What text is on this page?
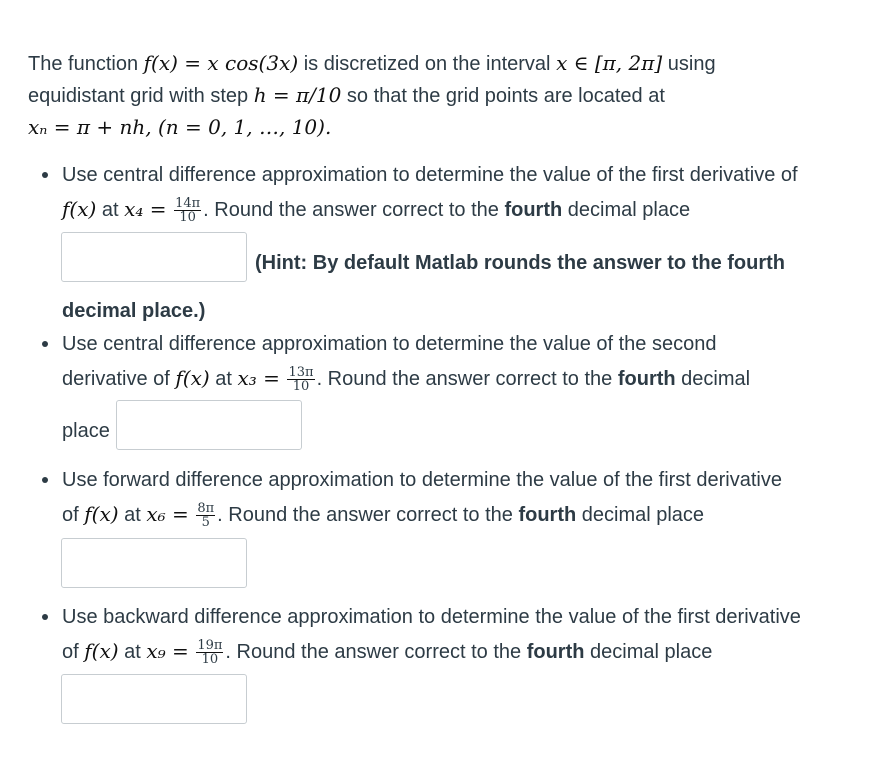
The function f(x) = x cos(3x) is discretized on the interval x ∈ [π, 2π] using
equidistant grid with step h = π/10 so that the grid points are located at
xₙ = π + nh, (n = 0, 1, …, 10).
Use central difference approximation to determine the value of the first derivative of
f(x) at $x_4 = \frac{14\pi}{10}$ . Round the answer correct to the fourth decimal place
(Hint: By default Matlab rounds the answer to the fourth
decimal place.)
Use central difference approximation to determine the value of the second
derivative of f(x) at $x_3 = \frac{13\pi}{10}$ . Round the answer correct to the fourth decimal
place
Use forward difference approximation to determine the value of the first derivative
of f(x) at $x_6 = \frac{8\pi}{5}$ . Round the answer correct to the fourth decimal place
Use backward difference approximation to determine the value of the first derivative
of f(x) at $x_9 = \frac{19\pi}{10}$ . Round the answer correct to the fourth decimal place
